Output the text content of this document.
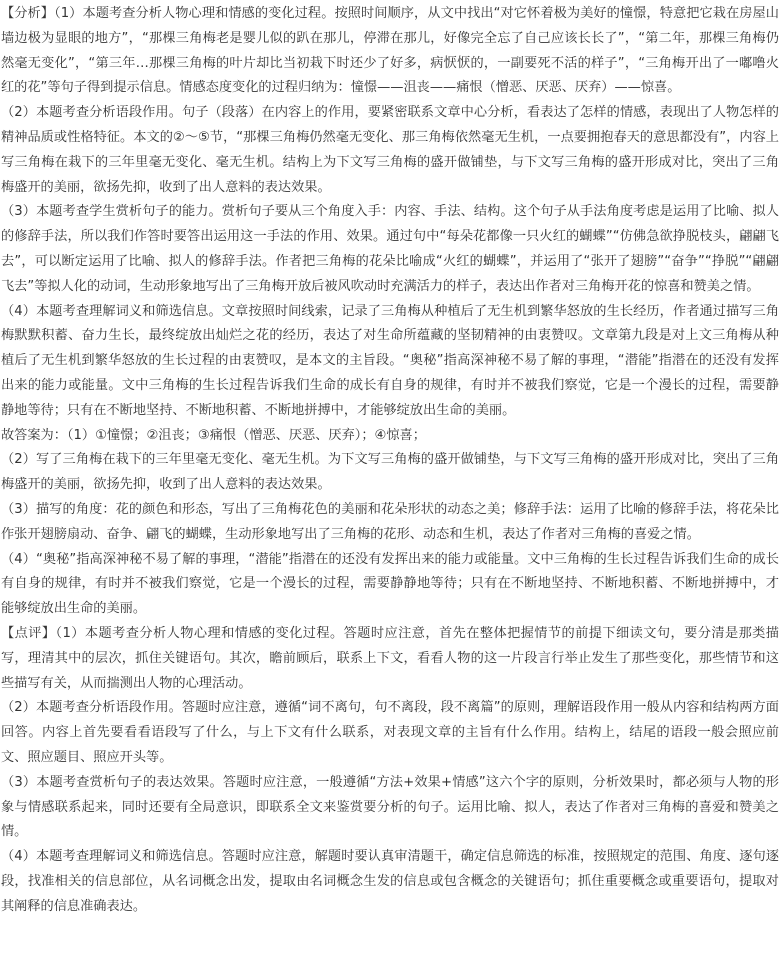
【分析】（1）本题考查分析人物心理和情感的变化过程。按照时间顺序，从文中找出“对它怀着极为美好的憧憬，特意把它栽在房屋山墙边极为显眼的地方”，“那棵三角梅老是婴儿似的趴在那儿，停滞在那儿，好像完全忘了自己应该长长了”，“第二年，那棵三角梅仍然毫无变化”，“第三年…那棵三角梅的叶片却比当初栽下时还少了好多，病恹恹的，一副要死不活的样子”，“三角梅开出了一嘟噜火红的花”等句子得到提示信息。情感态度变化的过程归纳为：憧憬——沮丧——痛恨（憎恶、厌恶、厌弃）——惊喜。

（2）本题考查分析语段作用。句子（段落）在内容上的作用，要紧密联系文章中心分析，看表达了怎样的情感，表现出了人物怎样的精神品质或性格特征。本文的②～⑤节，“那棵三角梅仍然毫无变化、那三角梅依然毫无生机，一点要拥抱春天的意思都没有”，内容上写三角梅在栽下的三年里毫无变化、毫无生机。结构上为下文写三角梅的盛开做铺垫，与下文写三角梅的盛开形成对比，突出了三角梅盛开的美丽，欲扬先抑，收到了出人意料的表达效果。

（3）本题考查学生赏析句子的能力。赏析句子要从三个角度入手：内容、手法、结构。这个句子从手法角度考虑是运用了比喻、拟人的修辞手法，所以我们作答时要答出运用这一手法的作用、效果。通过句中“每朵花都像一只火红的蝴蝶”“仿佛急欲挣脱枝头，翩翩飞去”，可以断定运用了比喻、拟人的修辞手法。作者把三角梅的花朵比喻成“火红的蝴蝶”，并运用了“张开了翅膀”“奋争”“挣脱”“翩翩飞去”等拟人化的动词，生动形象地写出了三角梅开放后被风吹动时充满活力的样子，表达出作者对三角梅开花的惊喜和赞美之情。

（4）本题考查理解词义和筛选信息。文章按照时间线索，记录了三角梅从种植后了无生机到繁华怒放的生长经历，作者通过描写三角梅默默积蓄、奋力生长，最终绽放出灿烂之花的经历，表达了对生命所蕴藏的坚韧精神的由衷赞叹。文章第九段是对上文三角梅从种植后了无生机到繁华怒放的生长过程的由衷赞叹，是本文的主旨段。“奥秘”指高深神秘不易了解的事理，“潜能”指潜在的还没有发挥出来的能力或能量。文中三角梅的生长过程告诉我们生命的成长有自身的规律，有时并不被我们察觉，它是一个漫长的过程，需要静静地等待；只有在不断地坚持、不断地积蓄、不断地拼搏中，才能够绽放出生命的美丽。

故答案为：（1）①憧憬；②沮丧；③痛恨（憎恶、厌恶、厌弃）；④惊喜；

（2）写了三角梅在栽下的三年里毫无变化、毫无生机。为下文写三角梅的盛开做铺垫，与下文写三角梅的盛开形成对比，突出了三角梅盛开的美丽，欲扬先抑，收到了出人意料的表达效果。

（3）描写的角度：花的颜色和形态，写出了三角梅花色的美丽和花朵形状的动态之美；修辞手法：运用了比喻的修辞手法，将花朵比作张开翅膀扇动、奋争、翩飞的蝴蝶，生动形象地写出了三角梅的花形、动态和生机，表达了作者对三角梅的喜爱之情。

（4）“奥秘”指高深神秘不易了解的事理，“潜能”指潜在的还没有发挥出来的能力或能量。文中三角梅的生长过程告诉我们生命的成长有自身的规律，有时并不被我们察觉，它是一个漫长的过程，需要静静地等待；只有在不断地坚持、不断地积蓄、不断地拼搏中，才能够绽放出生命的美丽。

【点评】（1）本题考查分析人物心理和情感的变化过程。答题时应注意，首先在整体把握情节的前提下细读文句，要分清是那类描写，理清其中的层次，抓住关键语句。其次，瞻前顾后，联系上下文，看看人物的这一片段言行举止发生了那些变化，那些情节和这些描写有关，从而揣测出人物的心理活动。

（2）本题考查分析语段作用。答题时应注意，遵循“词不离句，句不离段，段不离篇”的原则，理解语段作用一般从内容和结构两方面回答。内容上首先要看看语段写了什么，与上下文有什么联系，对表现文章的主旨有什么作用。结构上，结尾的语段一般会照应前文、照应题目、照应开头等。

（3）本题考查赏析句子的表达效果。答题时应注意，一般遵循“方法+效果+情感”这六个字的原则，分析效果时，都必须与人物的形象与情感联系起来，同时还要有全局意识，即联系全文来鉴赏要分析的句子。运用比喻、拟人，表达了作者对三角梅的喜爱和赞美之情。

（4）本题考查理解词义和筛选信息。答题时应注意，解题时要认真审清题干，确定信息筛选的标准，按照规定的范围、角度、逐句逐段，找准相关的信息部位，从名词概念出发，提取由名词概念生发的信息或包含概念的关键语句；抓住重要概念或重要语句，提取对其阐释的信息准确表达。
